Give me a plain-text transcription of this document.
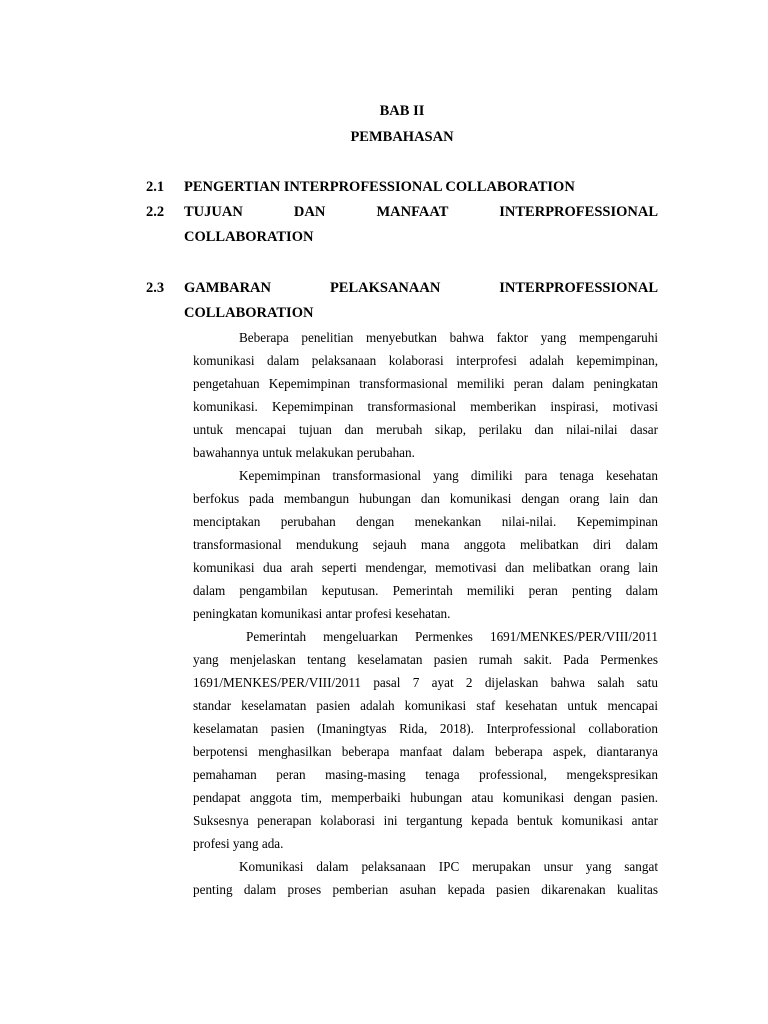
BAB II
PEMBAHASAN
2.1	PENGERTIAN INTERPROFESSIONAL COLLABORATION
2.2	TUJUAN DAN MANFAAT INTERPROFESSIONAL
COLLABORATION
2.3	GAMBARAN PELAKSANAAN INTERPROFESSIONAL
COLLABORATION
Beberapa penelitian menyebutkan bahwa faktor yang mempengaruhi
komunikasi dalam pelaksanaan kolaborasi interprofesi adalah kepemimpinan,
pengetahuan Kepemimpinan transformasional memiliki peran dalam peningkatan
komunikasi. Kepemimpinan transformasional memberikan inspirasi, motivasi
untuk mencapai tujuan dan merubah sikap, perilaku dan nilai-nilai dasar
bawahannya untuk melakukan perubahan.
Kepemimpinan transformasional yang dimiliki para tenaga kesehatan
berfokus pada membangun hubungan dan komunikasi dengan orang lain dan
menciptakan perubahan dengan menekankan nilai-nilai. Kepemimpinan
transformasional mendukung sejauh mana anggota melibatkan diri dalam
komunikasi dua arah seperti mendengar, memotivasi dan melibatkan orang lain
dalam pengambilan keputusan. Pemerintah memiliki peran penting dalam
peningkatan komunikasi antar profesi kesehatan.
Pemerintah mengeluarkan Permenkes 1691/MENKES/PER/VIII/2011
yang menjelaskan tentang keselamatan pasien rumah sakit. Pada Permenkes
1691/MENKES/PER/VIII/2011 pasal 7 ayat 2 dijelaskan bahwa salah satu
standar keselamatan pasien adalah komunikasi staf kesehatan untuk mencapai
keselamatan pasien (Imaningtyas Rida, 2018). Interprofessional collaboration
berpotensi menghasilkan beberapa manfaat dalam beberapa aspek, diantaranya
pemahaman peran masing-masing tenaga professional, mengekspresikan
pendapat anggota tim, memperbaiki hubungan atau komunikasi dengan pasien.
Suksesnya penerapan kolaborasi ini tergantung kepada bentuk komunikasi antar
profesi yang ada.
Komunikasi dalam pelaksanaan IPC merupakan unsur yang sangat
penting dalam proses pemberian asuhan kepada pasien dikarenakan kualitas
